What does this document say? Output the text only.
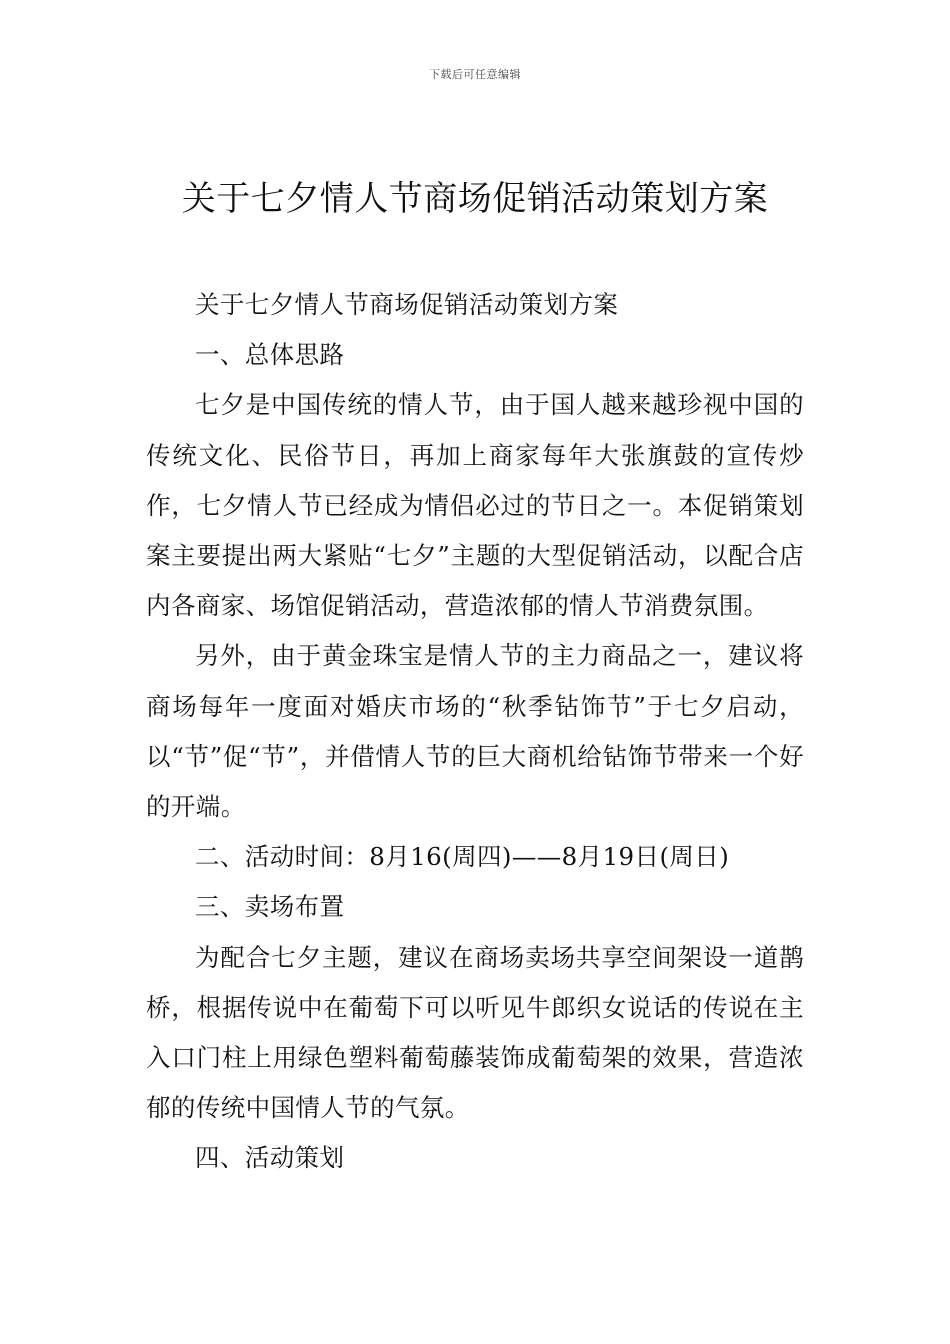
下载后可任意编辑
关于七夕情人节商场促销活动策划方案

关于七夕情人节商场促销活动策划方案

一、总体思路

七夕是中国传统的情人节，由于国人越来越珍视中国的传统文化、民俗节日，再加上商家每年大张旗鼓的宣传炒作，七夕情人节已经成为情侣必过的节日之一。本促销策划案主要提出两大紧贴“七夕”主题的大型促销活动，以配合店内各商家、场馆促销活动，营造浓郁的情人节消费氛围。

另外，由于黄金珠宝是情人节的主力商品之一，建议将商场每年一度面对婚庆市场的“秋季钻饰节”于七夕启动，以“节”促“节”，并借情人节的巨大商机给钻饰节带来一个好的开端。

二、活动时间：8月16(周四)——8月19日(周日)

三、卖场布置

为配合七夕主题，建议在商场卖场共享空间架设一道鹊桥，根据传说中在葡萄下可以听见牛郎织女说话的传说在主入口门柱上用绿色塑料葡萄藤装饰成葡萄架的效果，营造浓郁的传统中国情人节的气氛。

四、活动策划
